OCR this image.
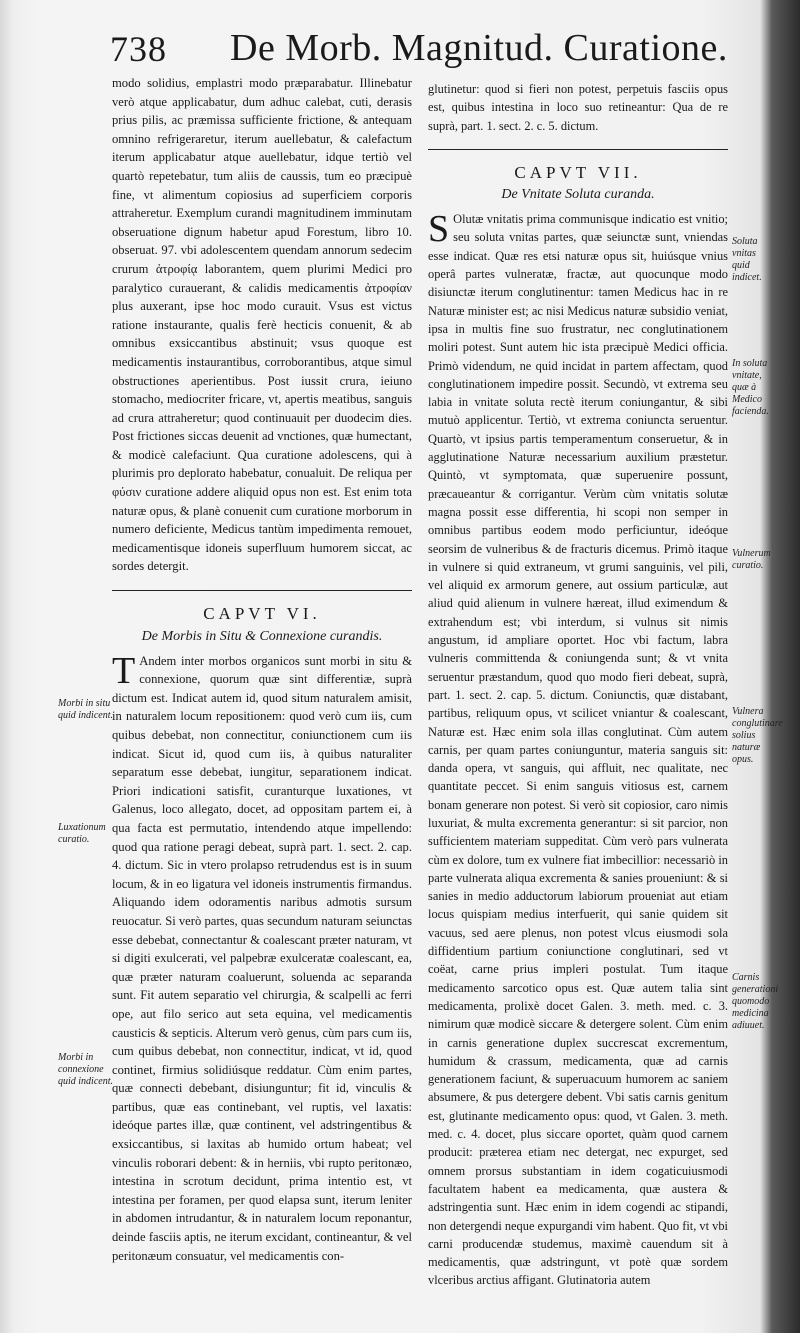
738 De Morb. Magnitud. Curatione.

modo solidius, emplastri modo præparabatur. Illinebatur verò atque applicabatur, dum adhuc calebat, cuti, derasis prius pilis, ac præmissa sufficiente frictione, & antequam omnino refrigeraretur, iterum auellebatur, & calefactum iterum applicabatur atque auellebatur, idque tertiò vel quartò repetebatur, tum aliis de caussis, tum eo præcipuè fine, vt alimentum copiosius ad superficiem corporis attraheretur. Exemplum curandi magnitudinem imminutam obseruatione dignum habetur apud Forestum, libro 10. obseruat. 97. vbi adolescentem quendam annorum sedecim crurum ἀτροφίᾳ laborantem, quem plurimi Medici pro paralytico curauerant, & calidis medicamentis ἀτροφίαν plus auxerant, ipse hoc modo curauit. Vsus est victus ratione instaurante, qualis ferè hecticis conuenit, & ab omnibus exsiccantibus abstinuit; vsus quoque est medicamentis instaurantibus, corroborantibus, atque simul obstructiones aperientibus. Post iussit crura, ieiuno stomacho, mediocriter fricare, vt, apertis meatibus, sanguis ad crura attraheretur; quod continuauit per duodecim dies. Post frictiones siccas deuenit ad vnctiones, quæ humectant, & modicè calefaciunt. Qua curatione adolescens, qui à plurimis pro deplorato habebatur, conualuit. De reliqua per φύσιν curatione addere aliquid opus non est. Est enim tota naturæ opus, & planè conuenit cum curatione morborum in numero deficiente, Medicus tantùm impedimenta remouet, medicamentisque idoneis superfluum humorem siccat, ac sordes detergit.

CAPVT VI.
De Morbis in Situ & Connexione curandis.

T Andem inter morbos organicos sunt morbi in situ & connexione, quorum quæ sint differentiæ, suprà dictum est. Indicat autem id, quod situm naturalem amisit, in naturalem locum repositionem: quod verò cum iis, cum quibus debebat, non connectitur, coniunctionem cum iis indicat. Sicut id, quod cum iis, à quibus naturaliter separatum esse debebat, iungitur, separationem indicat. Priori indicationi satisfit, curanturque luxationes, vt Galenus, loco allegato, docet, ad oppositam partem ei, à qua facta est permutatio, intendendo atque impellendo: quod qua ratione peragi debeat, suprà part. 1. sect. 2. cap. 4. dictum. Sic in vtero prolapso retrudendus est is in suum locum, & in eo ligatura vel idoneis instrumentis firmandus. Aliquando idem odoramentis naribus admotis sursum reuocatur. Si verò partes, quas secundum naturam seiunctas esse debebat, connectantur & coalescant præter naturam, vt si digiti exulcerati, vel palpebræ exulceratæ coalescant, ea, quæ præter naturam coaluerunt, soluenda ac separanda sunt. Fit autem separatio vel chirurgia, & scalpelli ac ferri ope, aut filo serico aut seta equina, vel medicamentis causticis & septicis. Alterum verò genus, cùm pars cum iis, cum quibus debebat, non connectitur, indicat, vt id, quod continet, firmius solidiúsque reddatur. Cùm enim partes, quæ connecti debebant, disiunguntur; fit id, vinculis & partibus, quæ eas continebant, vel ruptis, vel laxatis: ideóque partes illæ, quæ continent, vel adstringentibus & exsiccantibus, si laxitas ab humido ortum habeat; vel vinculis roborari debent: & in herniis, vbi rupto peritonæo, intestina in scrotum decidunt, prima intentio est, vt intestina per foramen, per quod elapsa sunt, iterum leniter in abdomen intrudantur, & in naturalem locum reponantur, deinde fasciis aptis, ne iterum excidant, contineantur, & vel peritonæum consuatur, vel medicamentis con-

glutinetur: quod si fieri non potest, perpetuis fasciis opus est, quibus intestina in loco suo retineantur: Qua de re suprà, part. 1. sect. 2. c. 5. dictum.

CAPVT VII.
De Vnitate Soluta curanda.

S Olutæ vnitatis prima communisque indicatio est vnitio; seu soluta vnitas partes, quæ seiunctæ sunt, vniendas esse indicat. Quæ res etsi naturæ opus sit, huiúsque vnius operâ partes vulneratæ, fractæ, aut quocunque modo disiunctæ iterum conglutinentur: tamen Medicus hac in re Naturæ minister est; ac nisi Medicus naturæ subsidio veniat, ipsa in multis fine suo frustratur, nec conglutinationem moliri potest. Sunt autem hic ista præcipuè Medici officia. Primò videndum, ne quid incidat in partem affectam, quod conglutinationem impedire possit. Secundò, vt extrema seu labia in vnitate soluta rectè iterum coniungantur, & sibi mutuò applicentur. Tertiò, vt extrema coniuncta seruentur. Quartò, vt ipsius partis temperamentum conseruetur, & in agglutinatione Naturæ necessarium auxilium præstetur. Quintò, vt symptomata, quæ superuenire possunt, præcaueantur & corrigantur. Verùm cùm vnitatis solutæ magna possit esse differentia, hi scopi non semper in omnibus partibus eodem modo perficiuntur, ideóque seorsim de vulneribus & de fracturis dicemus. Primò itaque in vulnere si quid extraneum, vt grumi sanguinis, vel pili, vel aliquid ex armorum genere, aut ossium particulæ, aut aliud quid alienum in vulnere hæreat, illud eximendum & extrahendum est; vbi interdum, si vulnus sit nimis angustum, id ampliare oportet. Hoc vbi factum, labra vulneris committenda & coniungenda sunt; & vt vnita seruentur præstandum, quod quo modo fieri debeat, suprà, part. 1. sect. 2. cap. 5. dictum. Coniunctis, quæ distabant, partibus, reliquum opus, vt scilicet vniantur & coalescant, Naturæ est. Hæc enim sola illas conglutinat. Cùm autem carnis, per quam partes coniunguntur, materia sanguis sit: danda opera, vt sanguis, qui affluit, nec qualitate, nec quantitate peccet. Si enim sanguis vitiosus est, carnem bonam generare non potest. Si verò sit copiosior, caro nimis luxuriat, & multa excrementa generantur: si sit parcior, non sufficientem materiam suppeditat. Cùm verò pars vulnerata cùm ex dolore, tum ex vulnere fiat imbecillior: necessariò in parte vulnerata aliqua excrementa & sanies proueniunt: & si sanies in medio adductorum labiorum proueniat aut etiam locus quispiam medius interfuerit, qui sanie quidem sit vacuus, sed aere plenus, non potest vlcus eiusmodi sola diffidentium partium coniunctione conglutinari, sed vt coëat, carne prius impleri postulat. Tum itaque medicamento sarcotico opus est. Quæ autem talia sint medicamenta, prolixè docet Galen. 3. meth. med. c. 3. nimirum quæ modicè siccare & detergere solent. Cùm enim in carnis generatione duplex succrescat excrementum, humidum & crassum, medicamenta, quæ ad carnis generationem faciunt, & superuacuum humorem ac saniem absumere, & pus detergere debent. Vbi satis carnis genitum est, glutinante medicamento opus: quod, vt Galen. 3. meth. med. c. 4. docet, plus siccare oportet, quàm quod carnem producit: præterea etiam nec detergat, nec expurget, sed omnem prorsus substantiam in idem cogaticuiusmodi facultatem habent ea medicamenta, quæ austera & adstringentia sunt. Hæc enim in idem cogendi ac stipandi, non detergendi neque expurgandi vim habent. Quo fit, vt vbi carni producendæ studemus, maximè cauendum sit à medicamentis, quæ adstringunt, vt potè quæ sordem vlceribus arctius affigant. Glutinatoria autem

Morbi in situ quid indicent.
Luxationum curatio.
Morbi in connexione quid indicent.
Soluta vnitas quid indicet.
In soluta vnitate, quæ à Medico facienda.
Vulnerum curatio.
Vulnera conglutinare solius naturæ opus.
Carnis generationi quomodo medicina adiuuet.
